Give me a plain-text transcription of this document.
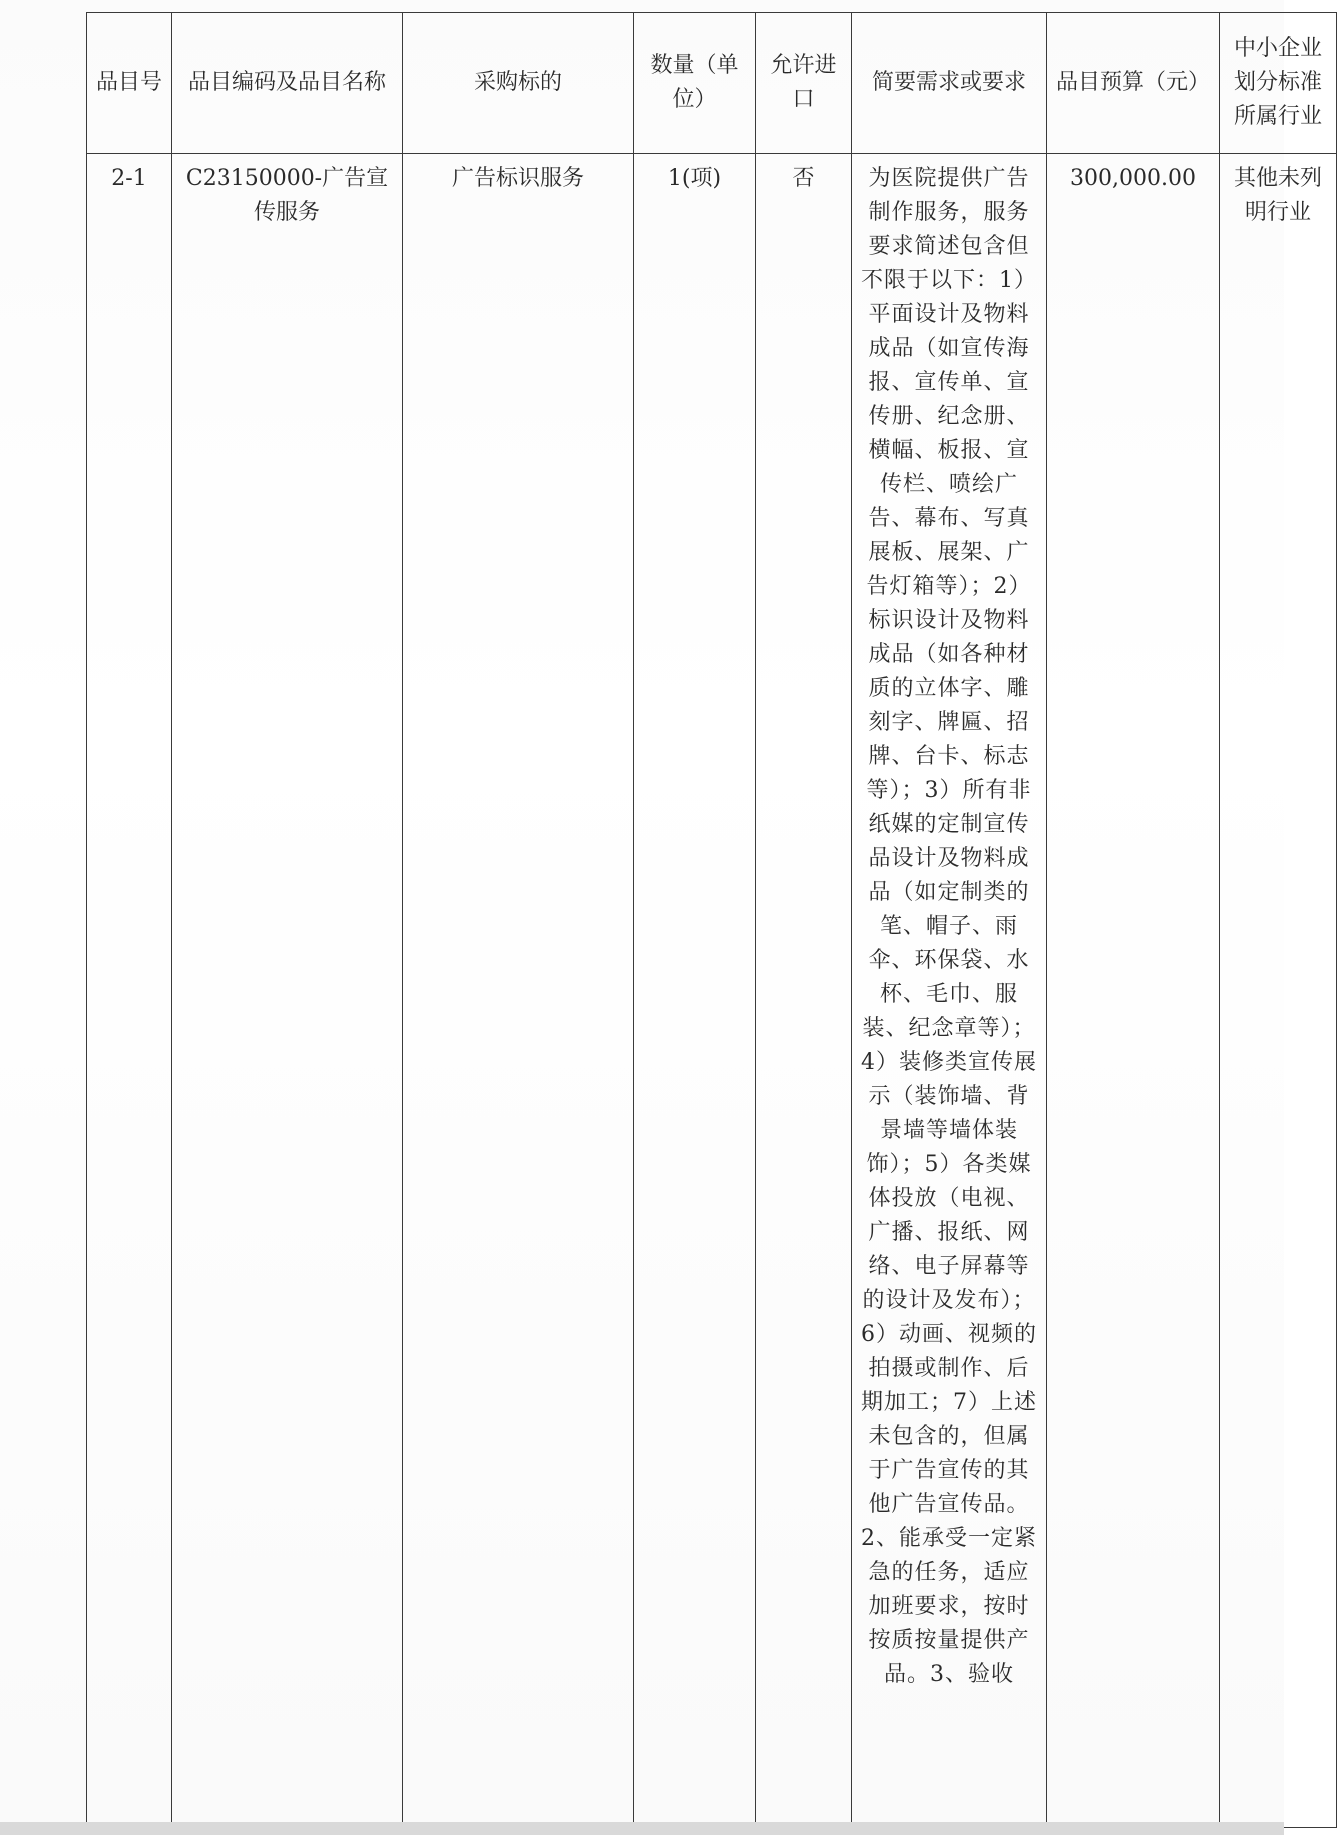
品目号	品目编码及品目名称	采购标的	数量（单位）	允许进口	简要需求或要求	品目预算（元）	中小企业划分标准所属行业
2-1	C23150000-广告宣传服务	广告标识服务	1(项)	否	为医院提供广告制作服务，服务要求简述包含但不限于以下：1）平面设计及物料成品（如宣传海报、宣传单、宣传册、纪念册、横幅、板报、宣传栏、喷绘广告、幕布、写真展板、展架、广告灯箱等）；2）标识设计及物料成品（如各种材质的立体字、雕刻字、牌匾、招牌、台卡、标志等）；3）所有非纸媒的定制宣传品设计及物料成品（如定制类的笔、帽子、雨伞、环保袋、水杯、毛巾、服装、纪念章等）；4）装修类宣传展示（装饰墙、背景墙等墙体装饰）；5）各类媒体投放（电视、广播、报纸、网络、电子屏幕等的设计及发布）；6）动画、视频的拍摄或制作、后期加工；7）上述未包含的，但属于广告宣传的其他广告宣传品。2、能承受一定紧急的任务，适应加班要求，按时按质按量提供产品。3、验收	300,000.00	其他未列明行业
